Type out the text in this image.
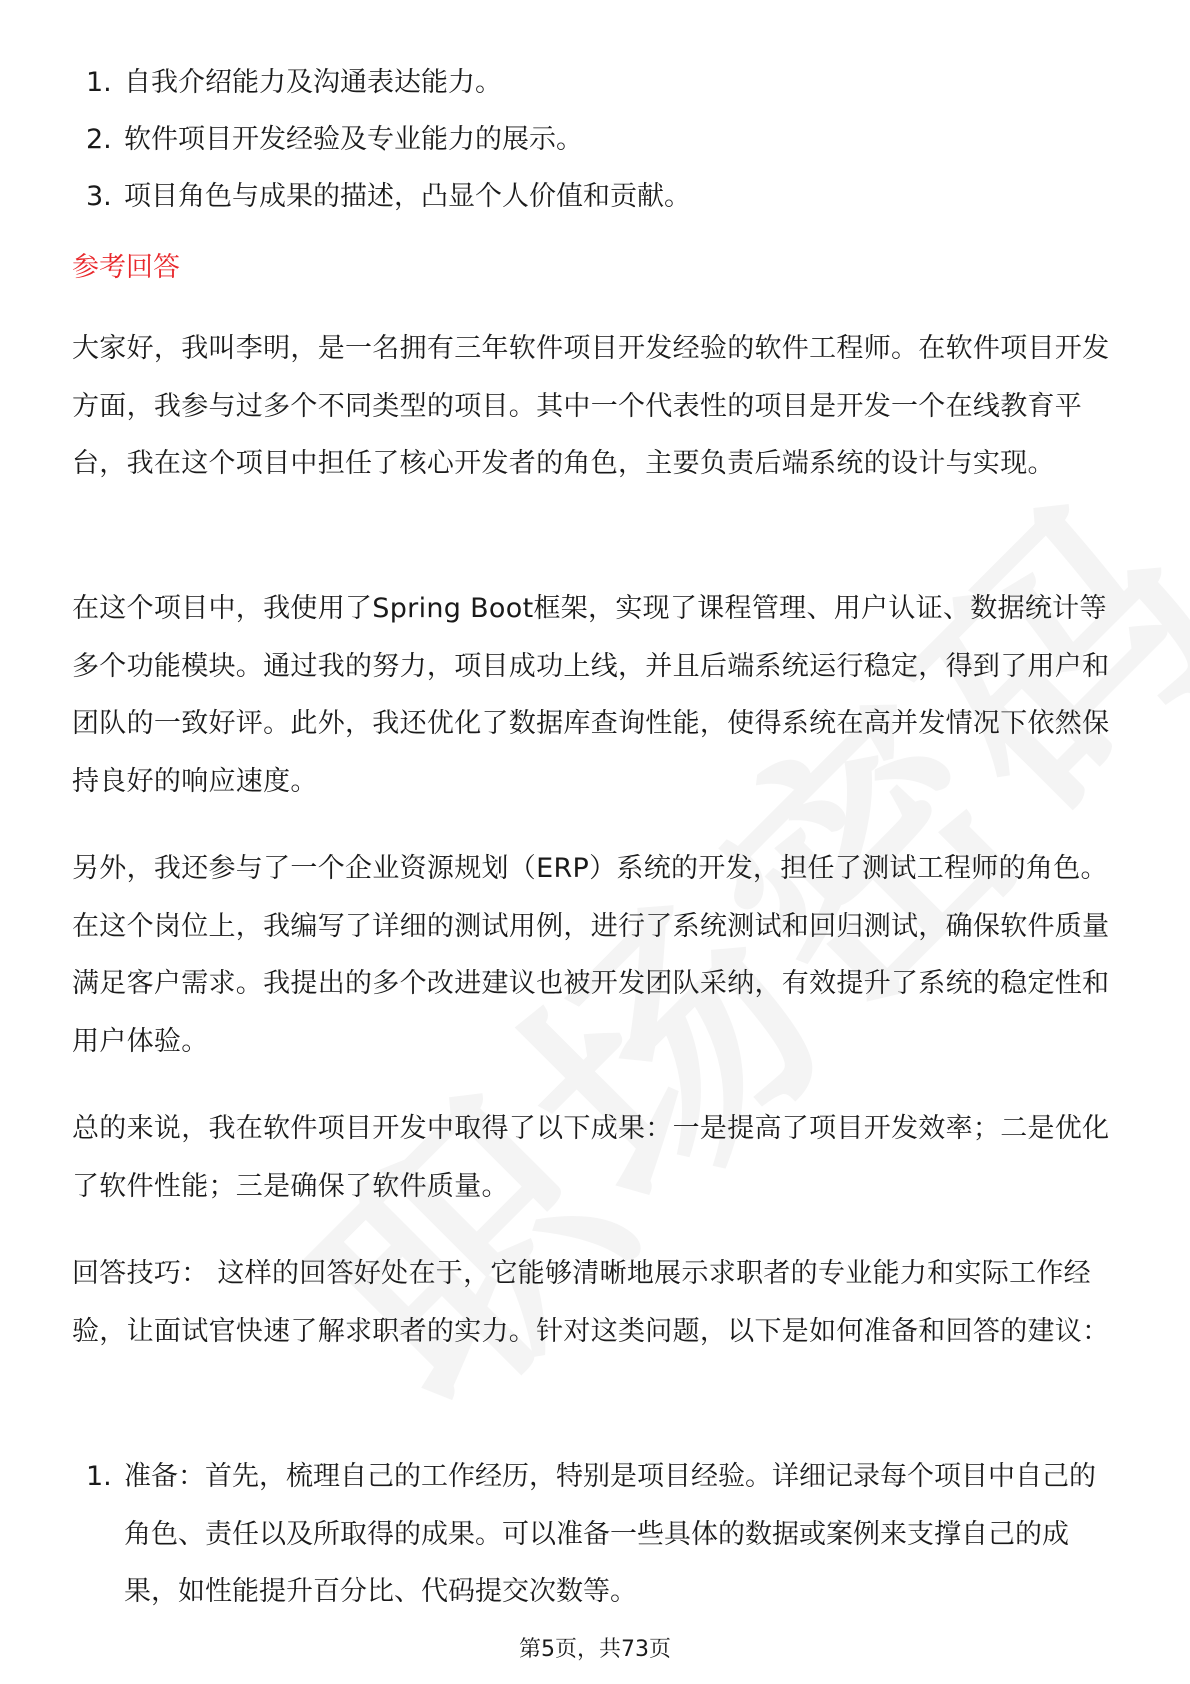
1. 自我介绍能力及沟通表达能力。
2. 软件项目开发经验及专业能力的展示。
3. 项目角色与成果的描述，凸显个人价值和贡献。
参考回答

大家好，我叫李明，是一名拥有三年软件项目开发经验的软件工程师。在软件项目开发方面，我参与过多个不同类型的项目。其中一个代表性的项目是开发一个在线教育平台，我在这个项目中担任了核心开发者的角色，主要负责后端系统的设计与实现。

在这个项目中，我使用了Spring Boot框架，实现了课程管理、用户认证、数据统计等多个功能模块。通过我的努力，项目成功上线，并且后端系统运行稳定，得到了用户和团队的一致好评。此外，我还优化了数据库查询性能，使得系统在高并发情况下依然保持良好的响应速度。

另外，我还参与了一个企业资源规划（ERP）系统的开发，担任了测试工程师的角色。在这个岗位上，我编写了详细的测试用例，进行了系统测试和回归测试，确保软件质量满足客户需求。我提出的多个改进建议也被开发团队采纳，有效提升了系统的稳定性和用户体验。

总的来说，我在软件项目开发中取得了以下成果：一是提高了项目开发效率；二是优化了软件性能；三是确保了软件质量。

回答技巧： 这样的回答好处在于，它能够清晰地展示求职者的专业能力和实际工作经验，让面试官快速了解求职者的实力。针对这类问题，以下是如何准备和回答的建议：

1. 准备：首先，梳理自己的工作经历，特别是项目经验。详细记录每个项目中自己的角色、责任以及所取得的成果。可以准备一些具体的数据或案例来支撑自己的成果，如性能提升百分比、代码提交次数等。
第5页，共73页
